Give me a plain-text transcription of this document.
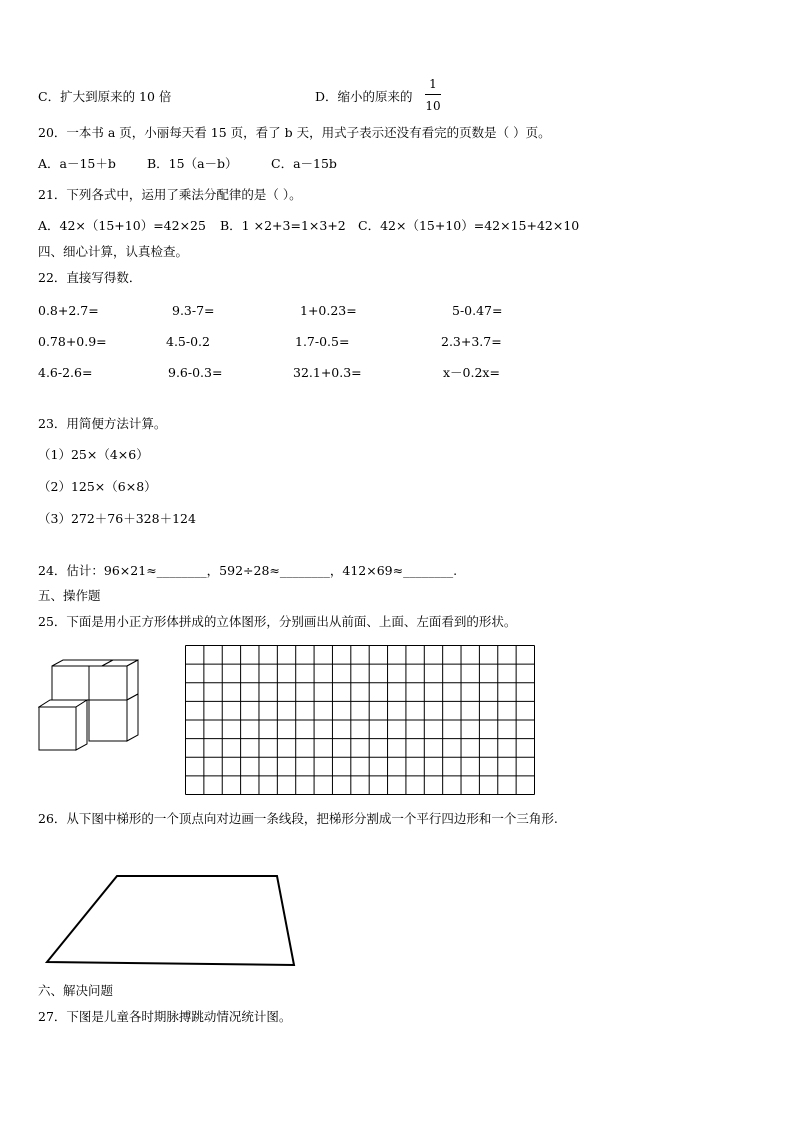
C．扩大到原来的 10 倍	D．缩小的原来的
1
10
20．一本书 a 页，小丽每天看 15 页，看了 b 天，用式子表示还没有看完的页数是（ ）页。
A．a－15＋b B．15（a－b）	C．a－15b
21．下列各式中，运用了乘法分配律的是（ ）。
A．42×（15+10）=42×25 B．1 ×2+3=1×3+2 C．42×（15+10）=42×15+42×10
四、细心计算，认真检查。
22．直接写得数．
0.8+2.7=	9.3-7=	1+0.23=	5-0.47=
0.78+0.9=	4.5-0.2	1.7-0.5=	2.3+3.7=
4.6-2.6=	9.6-0.3=	32.1+0.3=	x－0.2x=
23．用简便方法计算。
（1）25×（4×6）
（2）125×（6×8）
（3）272＋76＋328＋124
24．估计：96×21≈________，592÷28≈________，412×69≈________.
五、操作题
25．下面是用小正方形体拼成的立体图形，分别画出从前面、上面、左面看到的形状。
26．从下图中梯形的一个顶点向对边画一条线段，把梯形分割成一个平行四边形和一个三角形.
六、解决问题
27．下图是儿童各时期脉搏跳动情况统计图。
